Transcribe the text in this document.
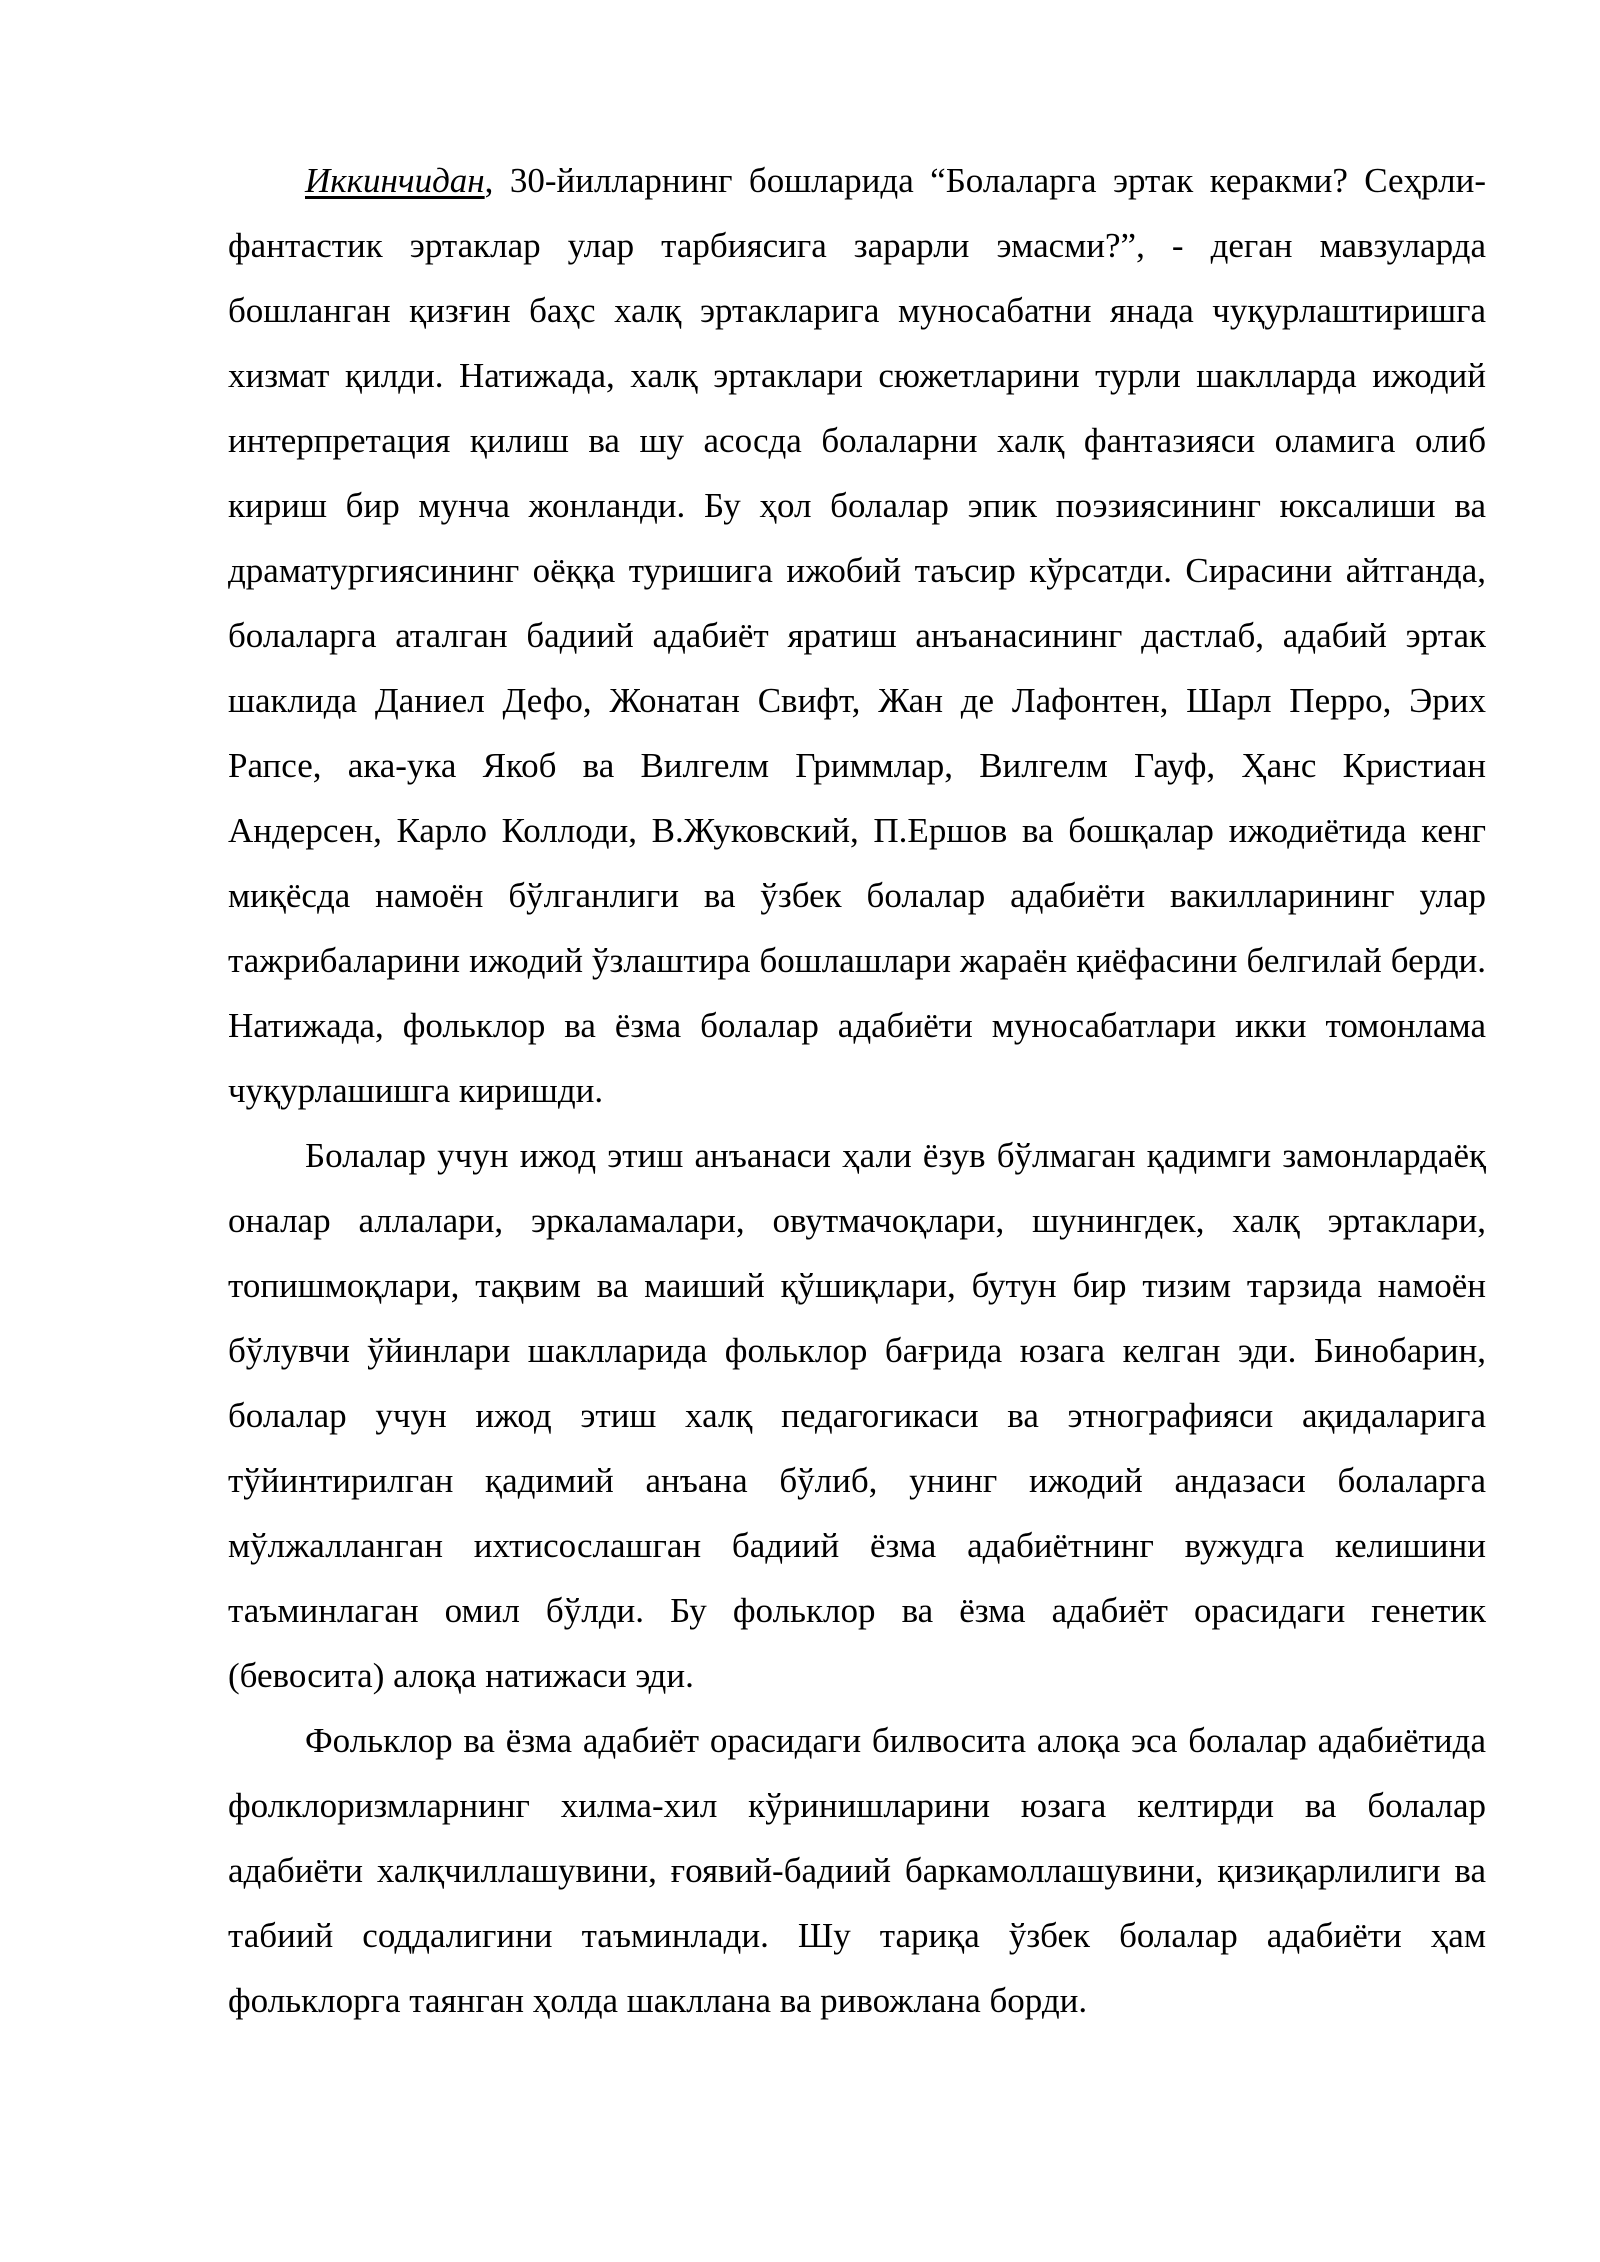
Иккинчидан, 30-йилларнинг бошларида “Болаларга эртак керакми? Сеҳрли-фантастик эртаклар улар тарбиясига зарарли эмасми?”, - деган мавзуларда бошланган қизғин баҳс халқ эртакларига муносабатни янада чуқурлаштиришга хизмат қилди. Натижада, халқ эртаклари сюжетларини турли шаклларда ижодий интерпретация қилиш ва шу асосда болаларни халқ фантазияси оламига олиб кириш бир мунча жонланди. Бу ҳол болалар эпик поэзиясининг юксалиши ва драматургиясининг оёққа туришига ижобий таъсир кўрсатди. Сирасини айтганда, болаларга аталган бадиий адабиёт яратиш анъанасининг дастлаб, адабий эртак шаклида Даниел Дефо, Жонатан Свифт, Жан де Лафонтен, Шарл Перро, Эрих Рапсе, ака-ука Якоб ва Вилгелм Гриммлар, Вилгелм Гауф, Ҳанс Кристиан Андерсен, Карло Коллоди, В.Жуковский, П.Ершов ва бошқалар ижодиётида кенг миқёсда намоён бўлганлиги ва ўзбек болалар адабиёти вакилларининг улар тажрибаларини ижодий ўзлаштира бошлашлари жараён қиёфасини белгилай берди. Натижада, фольклор ва ёзма болалар адабиёти муносабатлари икки томонлама чуқурлашишга киришди.

Болалар учун ижод этиш анъанаси ҳали ёзув бўлмаган қадимги замонлардаёқ оналар аллалари, эркаламалари, овутмачоқлари, шунингдек, халқ эртаклари, топишмоқлари, тақвим ва маиший қўшиқлари, бутун бир тизим тарзида намоён бўлувчи ўйинлари шаклларида фольклор бағрида юзага келган эди. Бинобарин, болалар учун ижод этиш халқ педагогикаси ва этнографияси ақидаларига тўйинтирилган қадимий анъана бўлиб, унинг ижодий андазаси болаларга мўлжалланган ихтисослашган бадиий ёзма адабиётнинг вужудга келишини таъминлаган омил бўлди. Бу фольклор ва ёзма адабиёт орасидаги генетик (бевосита) алоқа натижаси эди.

Фольклор ва ёзма адабиёт орасидаги билвосита алоқа эса болалар адабиётида фолклоризмларнинг хилма-хил кўринишларини юзага келтирди ва болалар адабиёти халқчиллашувини, ғоявий-бадиий баркамоллашувини, қизиқарлилиги ва табиий соддалигини таъминлади. Шу тариқа ўзбек болалар адабиёти ҳам фольклорга таянган ҳолда шакллана ва ривожлана борди.
